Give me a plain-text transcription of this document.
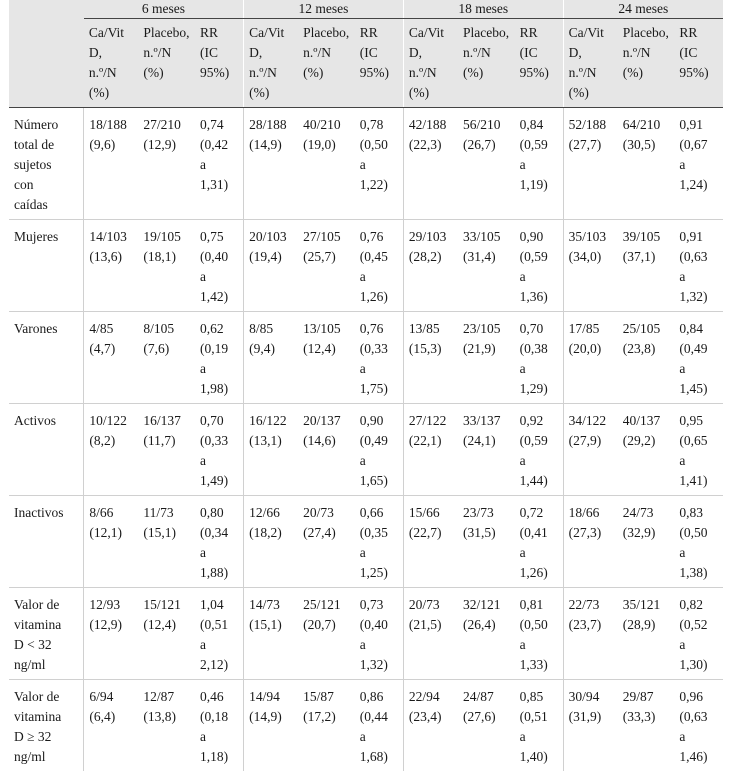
	6 meses			12 meses			18 meses			24 meses		

	Ca/Vit
D,
n.º/N
(%)	Placebo,
n.º/N
(%)	RR
(IC
95%)	Ca/Vit
D,
n.º/N
(%)	Placebo,
n.º/N
(%)	RR
(IC
95%)	Ca/Vit
D,
n.º/N
(%)	Placebo,
n.º/N
(%)	RR
(IC
95%)	Ca/Vit
D,
n.º/N
(%)	Placebo,
n.º/N
(%)	RR
(IC
95%)

Número
total de
sujetos
con
caídas	18/188
(9,6)	27/210
(12,9)	0,74
(0,42
a
1,31)	28/188
(14,9)	40/210
(19,0)	0,78
(0,50
a
1,22)	42/188
(22,3)	56/210
(26,7)	0,84
(0,59
a
1,19)	52/188
(27,7)	64/210
(30,5)	0,91
(0,67
a
1,24)

Mujeres	14/103
(13,6)	19/105
(18,1)	0,75
(0,40
a
1,42)	20/103
(19,4)	27/105
(25,7)	0,76
(0,45
a
1,26)	29/103
(28,2)	33/105
(31,4)	0,90
(0,59
a
1,36)	35/103
(34,0)	39/105
(37,1)	0,91
(0,63
a
1,32)

Varones	4/85
(4,7)	8/105
(7,6)	0,62
(0,19
a
1,98)	8/85
(9,4)	13/105
(12,4)	0,76
(0,33
a
1,75)	13/85
(15,3)	23/105
(21,9)	0,70
(0,38
a
1,29)	17/85
(20,0)	25/105
(23,8)	0,84
(0,49
a
1,45)

Activos	10/122
(8,2)	16/137
(11,7)	0,70
(0,33
a
1,49)	16/122
(13,1)	20/137
(14,6)	0,90
(0,49
a
1,65)	27/122
(22,1)	33/137
(24,1)	0,92
(0,59
a
1,44)	34/122
(27,9)	40/137
(29,2)	0,95
(0,65
a
1,41)

Inactivos	8/66
(12,1)	11/73
(15,1)	0,80
(0,34
a
1,88)	12/66
(18,2)	20/73
(27,4)	0,66
(0,35
a
1,25)	15/66
(22,7)	23/73
(31,5)	0,72
(0,41
a
1,26)	18/66
(27,3)	24/73
(32,9)	0,83
(0,50
a
1,38)

Valor de
vitamina
D < 32
ng/ml	12/93
(12,9)	15/121
(12,4)	1,04
(0,51
a
2,12)	14/73
(15,1)	25/121
(20,7)	0,73
(0,40
a
1,32)	20/73
(21,5)	32/121
(26,4)	0,81
(0,50
a
1,33)	22/73
(23,7)	35/121
(28,9)	0,82
(0,52
a
1,30)

Valor de
vitamina
D ≥ 32
ng/ml	6/94
(6,4)	12/87
(13,8)	0,46
(0,18
a
1,18)	14/94
(14,9)	15/87
(17,2)	0,86
(0,44
a
1,68)	22/94
(23,4)	24/87
(27,6)	0,85
(0,51
a
1,40)	30/94
(31,9)	29/87
(33,3)	0,96
(0,63
a
1,46)
